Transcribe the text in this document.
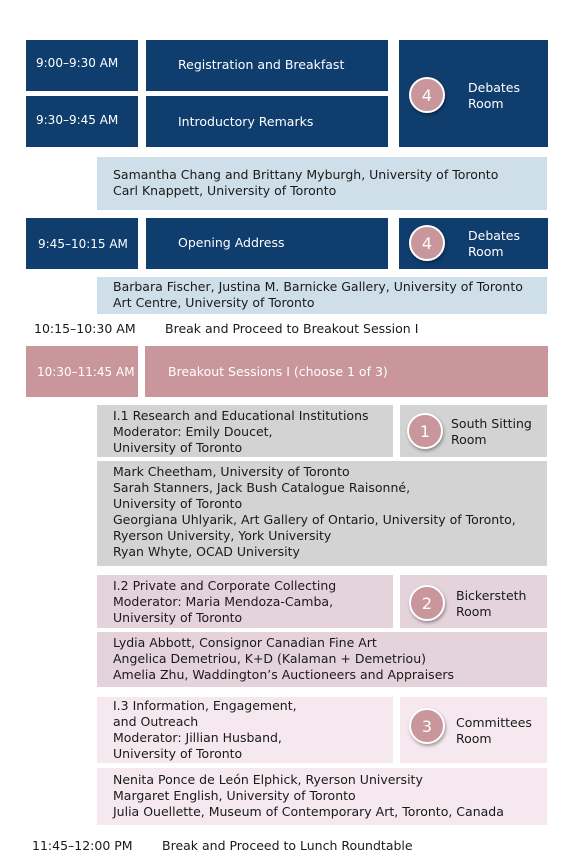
9:00–9:30 AM	Registration and Breakfast
9:30–9:45 AM	Introductory Remarks
4	Debates
Room
Samantha Chang and Brittany Myburgh, University of Toronto
Carl Knappett, University of Toronto
9:45–10:15 AM	Opening Address	4	Debates
Room
Barbara Fischer, Justina M. Barnicke Gallery, University of Toronto
Art Centre, University of Toronto
10:15–10:30 AM Break and Proceed to Breakout Session I
10:30–11:45 AM	Breakout Sessions I (choose 1 of 3)
I.1 Research and Educational Institutions
Moderator: Emily Doucet,
University of Toronto
1	South Sitting
Room
Mark Cheetham, University of Toronto
Sarah Stanners, Jack Bush Catalogue Raisonné,
University of Toronto
Georgiana Uhlyarik, Art Gallery of Ontario, University of Toronto,
Ryerson University, York University
Ryan Whyte, OCAD University
I.2 Private and Corporate Collecting
Moderator: Maria Mendoza-Camba,
University of Toronto
2	Bickersteth
Room
Lydia Abbott, Consignor Canadian Fine Art
Angelica Demetriou, K+D (Kalaman + Demetriou)
Amelia Zhu, Waddington’s Auctioneers and Appraisers
I.3 Information, Engagement,
and Outreach
Moderator: Jillian Husband,
University of Toronto
3	Committees
Room
Nenita Ponce de León Elphick, Ryerson University
Margaret English, University of Toronto
Julia Ouellette, Museum of Contemporary Art, Toronto, Canada
11:45–12:00 PM Break and Proceed to Lunch Roundtable
